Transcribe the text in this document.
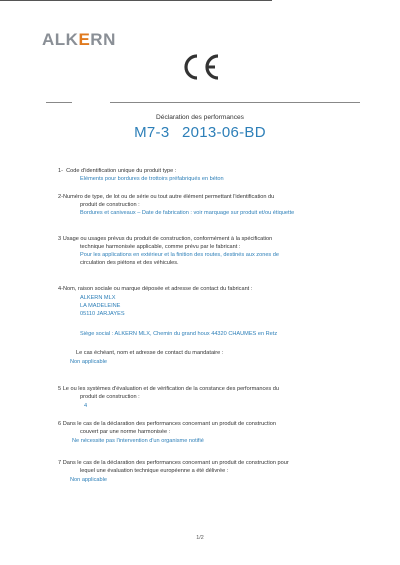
ALKERN
Déclaration des performances
M7-3 2013-06-BD
1- Code d'identification unique du produit type :
Eléments pour bordures de trottoirs préfabriqués en béton
2-Numéro de type, de lot ou de série ou tout autre élément permettant l'identification du
produit de construction :
Bordures et caniveaux – Date de fabrication : voir marquage sur produit et/ou étiquette
3 Usage ou usages prévus du produit de construction, conformément à la spécification
technique harmonisée applicable, comme prévu par le fabricant :
Pour les applications en extérieur et la finition des routes, destinés aux zones de
circulation des piétons et des véhicules.
4-Nom, raison sociale ou marque déposée et adresse de contact du fabricant :
ALKERN MLX
LA MADELEINE
05110 JARJAYES
Siège social : ALKERN MLX, Chemin du grand houx 44320 CHAUMES en Retz
Le cas échéant, nom et adresse de contact du mandataire :
Non applicable
5 Le ou les systèmes d'évaluation et de vérification de la constance des performances du
produit de construction :
4
6 Dans le cas de la déclaration des performances concernant un produit de construction
couvert par une norme harmonisée :
Ne nécessite pas l'intervention d'un organisme notifié
7 Dans le cas de la déclaration des performances concernant un produit de construction pour
lequel une évaluation technique européenne a été délivrée :
Non applicable
1/2
